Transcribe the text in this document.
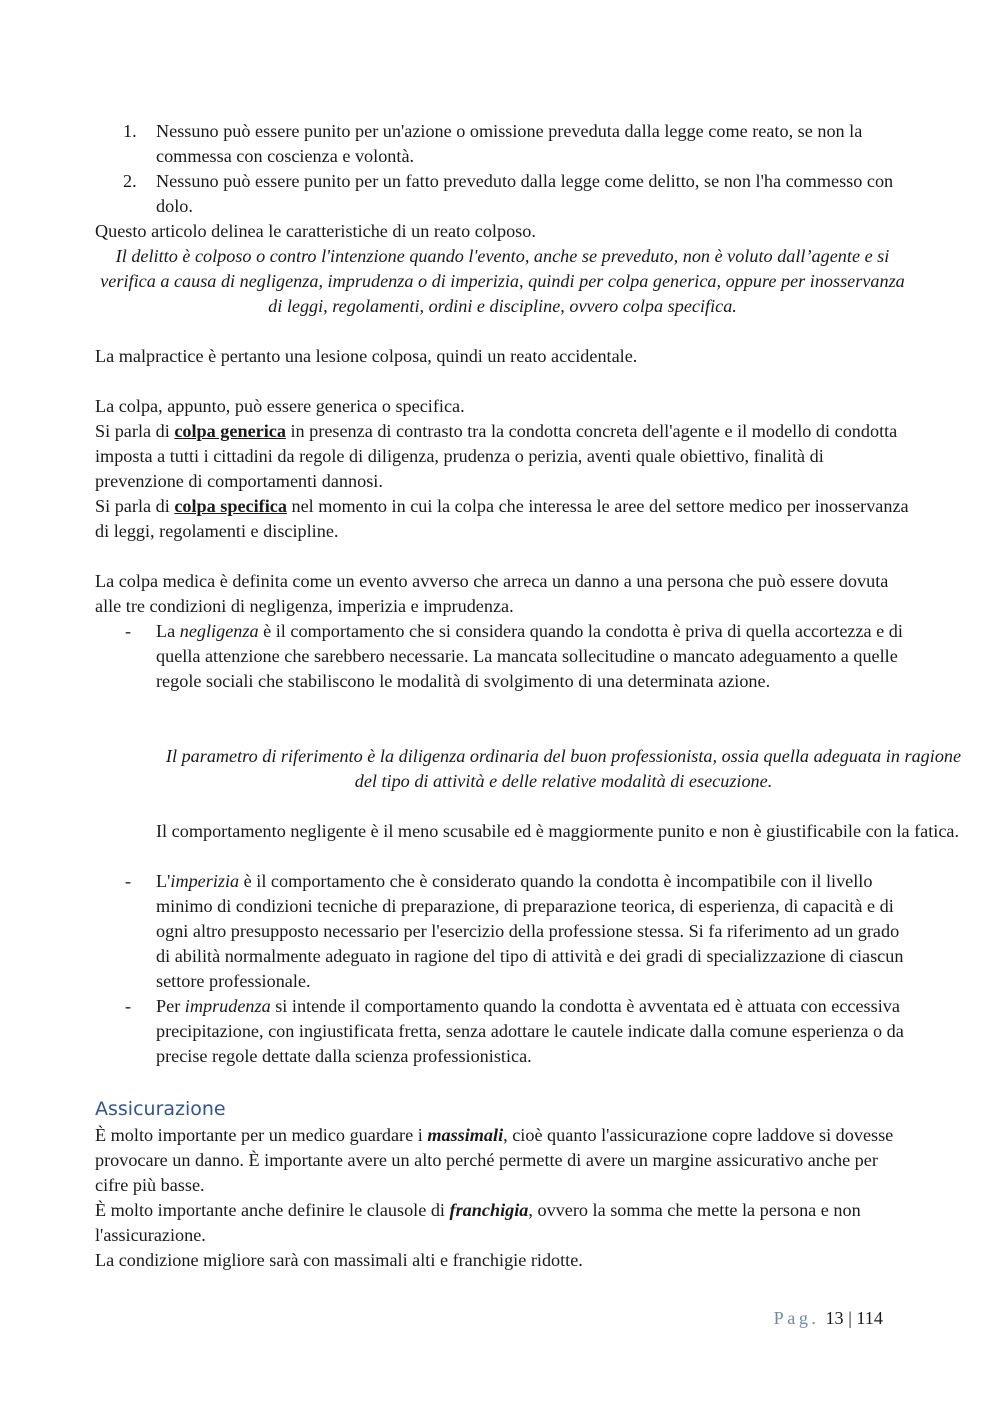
1. Nessuno può essere punito per un'azione o omissione preveduta dalla legge come reato, se non la commessa con coscienza e volontà.
2. Nessuno può essere punito per un fatto preveduto dalla legge come delitto, se non l'ha commesso con dolo.

Questo articolo delinea le caratteristiche di un reato colposo.

Il delitto è colposo o contro l'intenzione quando l'evento, anche se preveduto, non è voluto dall’agente e si verifica a causa di negligenza, imprudenza o di imperizia, quindi per colpa generica, oppure per inosservanza di leggi, regolamenti, ordini e discipline, ovvero colpa specifica.

La malpractice è pertanto una lesione colposa, quindi un reato accidentale.

La colpa, appunto, può essere generica o specifica.
Si parla di colpa generica in presenza di contrasto tra la condotta concreta dell'agente e il modello di condotta imposta a tutti i cittadini da regole di diligenza, prudenza o perizia, aventi quale obiettivo, finalità di prevenzione di comportamenti dannosi.
Si parla di colpa specifica nel momento in cui la colpa che interessa le aree del settore medico per inosservanza di leggi, regolamenti e discipline.

La colpa medica è definita come un evento avverso che arreca un danno a una persona che può essere dovuta alle tre condizioni di negligenza, imperizia e imprudenza.

- La negligenza è il comportamento che si considera quando la condotta è priva di quella accortezza e di quella attenzione che sarebbero necessarie. La mancata sollecitudine o mancato adeguamento a quelle regole sociali che stabiliscono le modalità di svolgimento di una determinata azione.

Il parametro di riferimento è la diligenza ordinaria del buon professionista, ossia quella adeguata in ragione del tipo di attività e delle relative modalità di esecuzione.

Il comportamento negligente è il meno scusabile ed è maggiormente punito e non è giustificabile con la fatica.

- L'imperizia è il comportamento che è considerato quando la condotta è incompatibile con il livello minimo di condizioni tecniche di preparazione, di preparazione teorica, di esperienza, di capacità e di ogni altro presupposto necessario per l'esercizio della professione stessa. Si fa riferimento ad un grado di abilità normalmente adeguato in ragione del tipo di attività e dei gradi di specializzazione di ciascun settore professionale.
- Per imprudenza si intende il comportamento quando la condotta è avventata ed è attuata con eccessiva precipitazione, con ingiustificata fretta, senza adottare le cautele indicate dalla comune esperienza o da precise regole dettate dalla scienza professionistica.
Assicurazione
È molto importante per un medico guardare i massimali, cioè quanto l'assicurazione copre laddove si dovesse provocare un danno. È importante avere un alto perché permette di avere un margine assicurativo anche per cifre più basse.
È molto importante anche definire le clausole di franchigia, ovvero la somma che mette la persona e non l'assicurazione.
La condizione migliore sarà con massimali alti e franchigie ridotte.
Pag. 13 | 114
